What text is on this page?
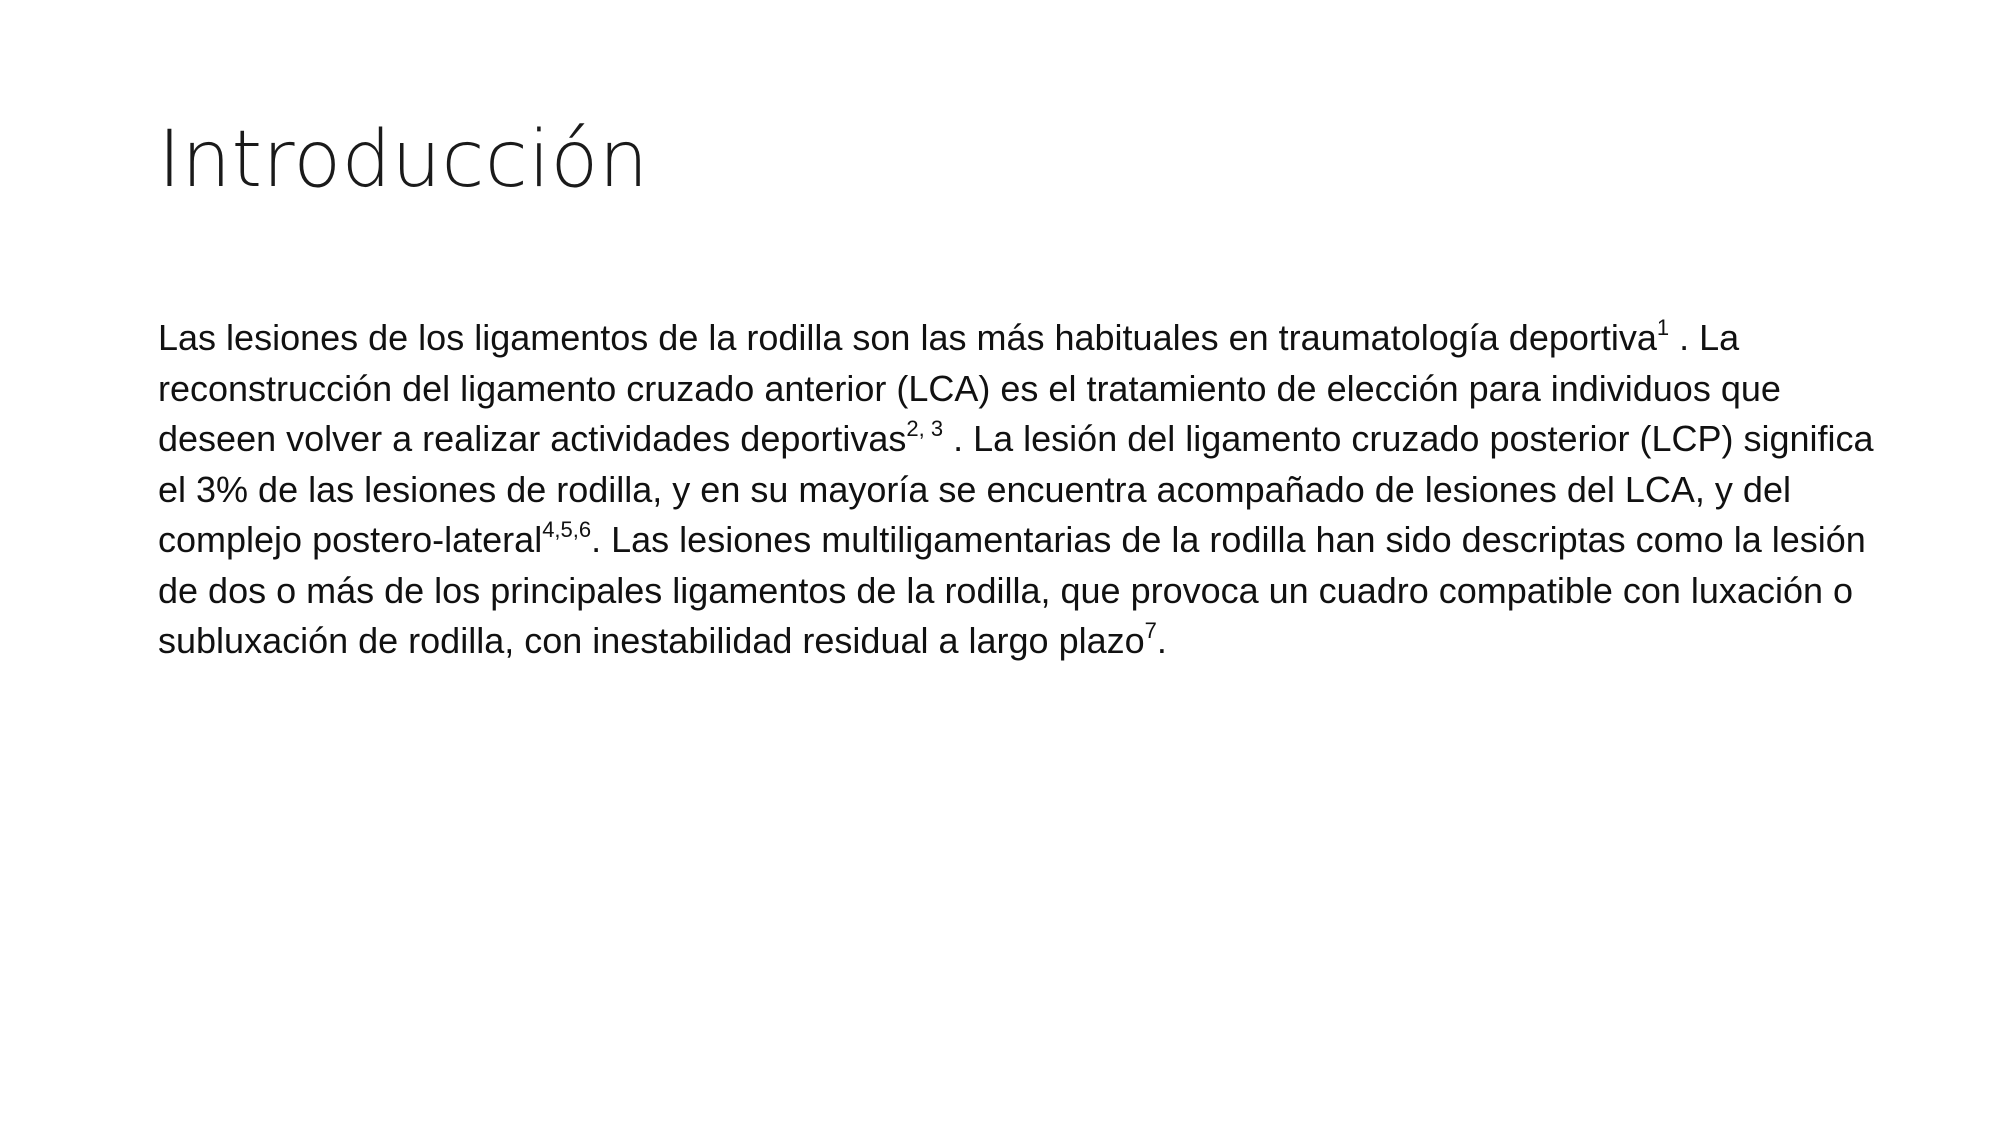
Introducción

Las lesiones de los ligamentos de la rodilla son las más habituales en traumatología deportiva$^1$ . La reconstrucción del ligamento cruzado anterior (LCA) es el tratamiento de elección para individuos que deseen volver a realizar actividades deportivas$^{2, 3}$ . La lesión del ligamento cruzado posterior (LCP) significa el 3% de las lesiones de rodilla, y en su mayoría se encuentra acompañado de lesiones del LCA, y del complejo postero-lateral$^{4,5,6}$. Las lesiones multiligamentarias de la rodilla han sido descriptas como la lesión de dos o más de los principales ligamentos de la rodilla, que provoca un cuadro compatible con luxación o subluxación de rodilla, con inestabilidad residual a largo plazo$^7$.
